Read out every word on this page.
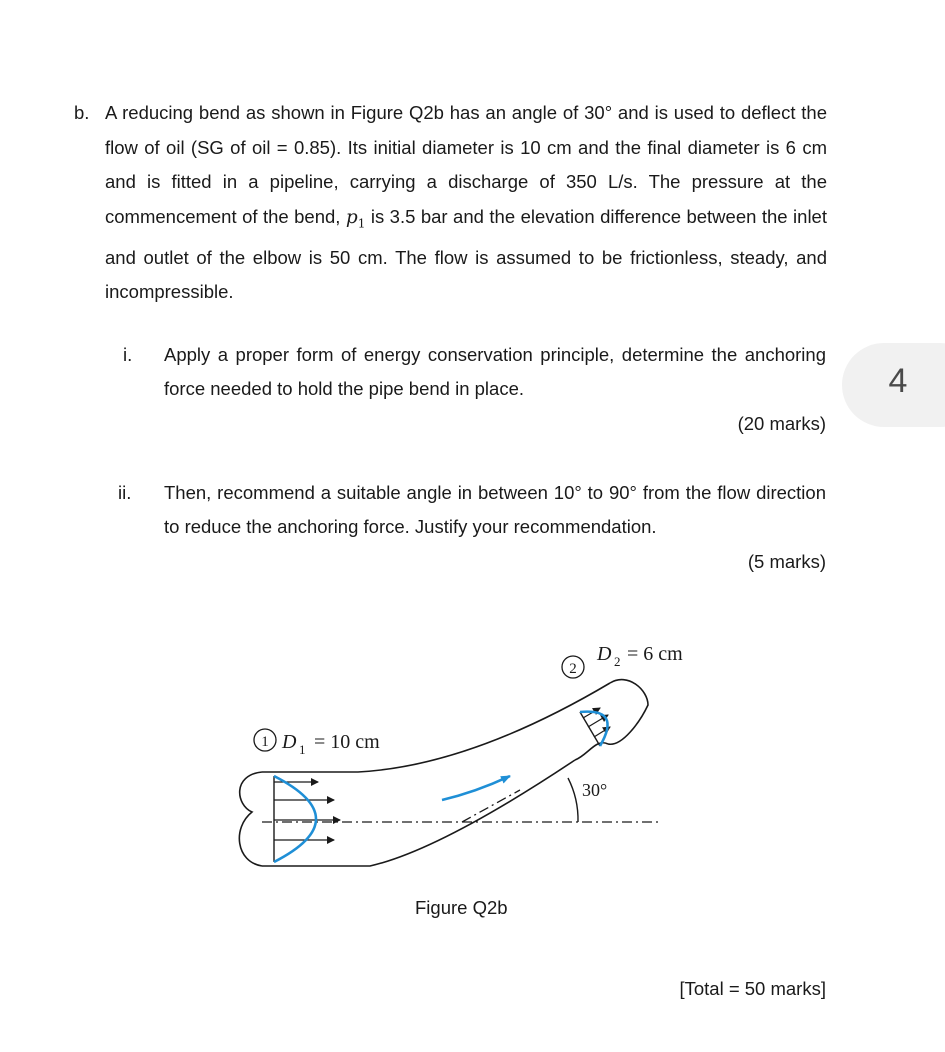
b. A reducing bend as shown in Figure Q2b has an angle of 30° and is used to deflect the flow of oil (SG of oil = 0.85). Its initial diameter is 10 cm and the final diameter is 6 cm and is fitted in a pipeline, carrying a discharge of 350 L/s. The pressure at the commencement of the bend, $p_1$ is 3.5 bar and the elevation difference between the inlet and outlet of the elbow is 50 cm. The flow is assumed to be frictionless, steady, and incompressible.
i. Apply a proper form of energy conservation principle, determine the anchoring force needed to hold the pipe bend in place.
(20 marks)
ii. Then, recommend a suitable angle in between 10° to 90° from the flow direction to reduce the anchoring force. Justify your recommendation.
(5 marks)
4
30°
1 D 1 = 10 cm
2
D 2 = 6 cm
Figure Q2b
[Total = 50 marks]
